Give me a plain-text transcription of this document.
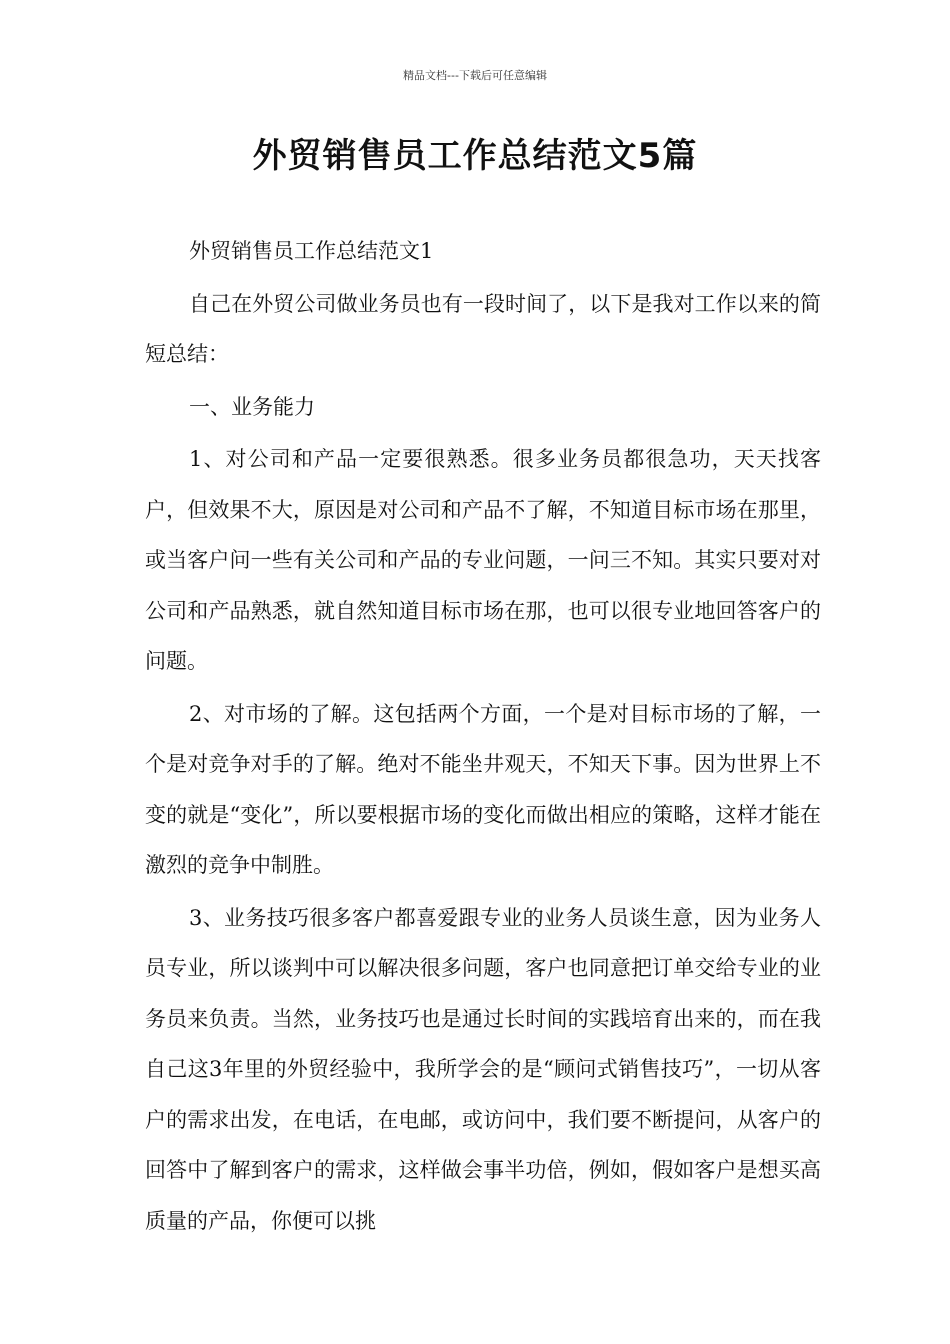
精品文档---下载后可任意编辑
外贸销售员工作总结范文5篇

外贸销售员工作总结范文1

自己在外贸公司做业务员也有一段时间了，以下是我对工作以来的简短总结：

一、业务能力

1、对公司和产品一定要很熟悉。很多业务员都很急功，天天找客户，但效果不大，原因是对公司和产品不了解，不知道目标市场在那里，或当客户问一些有关公司和产品的专业问题，一问三不知。其实只要对对公司和产品熟悉，就自然知道目标市场在那，也可以很专业地回答客户的问题。

2、对市场的了解。这包括两个方面，一个是对目标市场的了解，一个是对竞争对手的了解。绝对不能坐井观天，不知天下事。因为世界上不变的就是“变化”，所以要根据市场的变化而做出相应的策略，这样才能在激烈的竞争中制胜。

3、业务技巧很多客户都喜爱跟专业的业务人员谈生意，因为业务人员专业，所以谈判中可以解决很多问题，客户也同意把订单交给专业的业务员来负责。当然，业务技巧也是通过长时间的实践培育出来的，而在我自己这3年里的外贸经验中，我所学会的是“顾问式销售技巧”，一切从客户的需求出发，在电话，在电邮，或访问中，我们要不断提问，从客户的回答中了解到客户的需求，这样做会事半功倍，例如，假如客户是想买高质量的产品，你便可以挑
